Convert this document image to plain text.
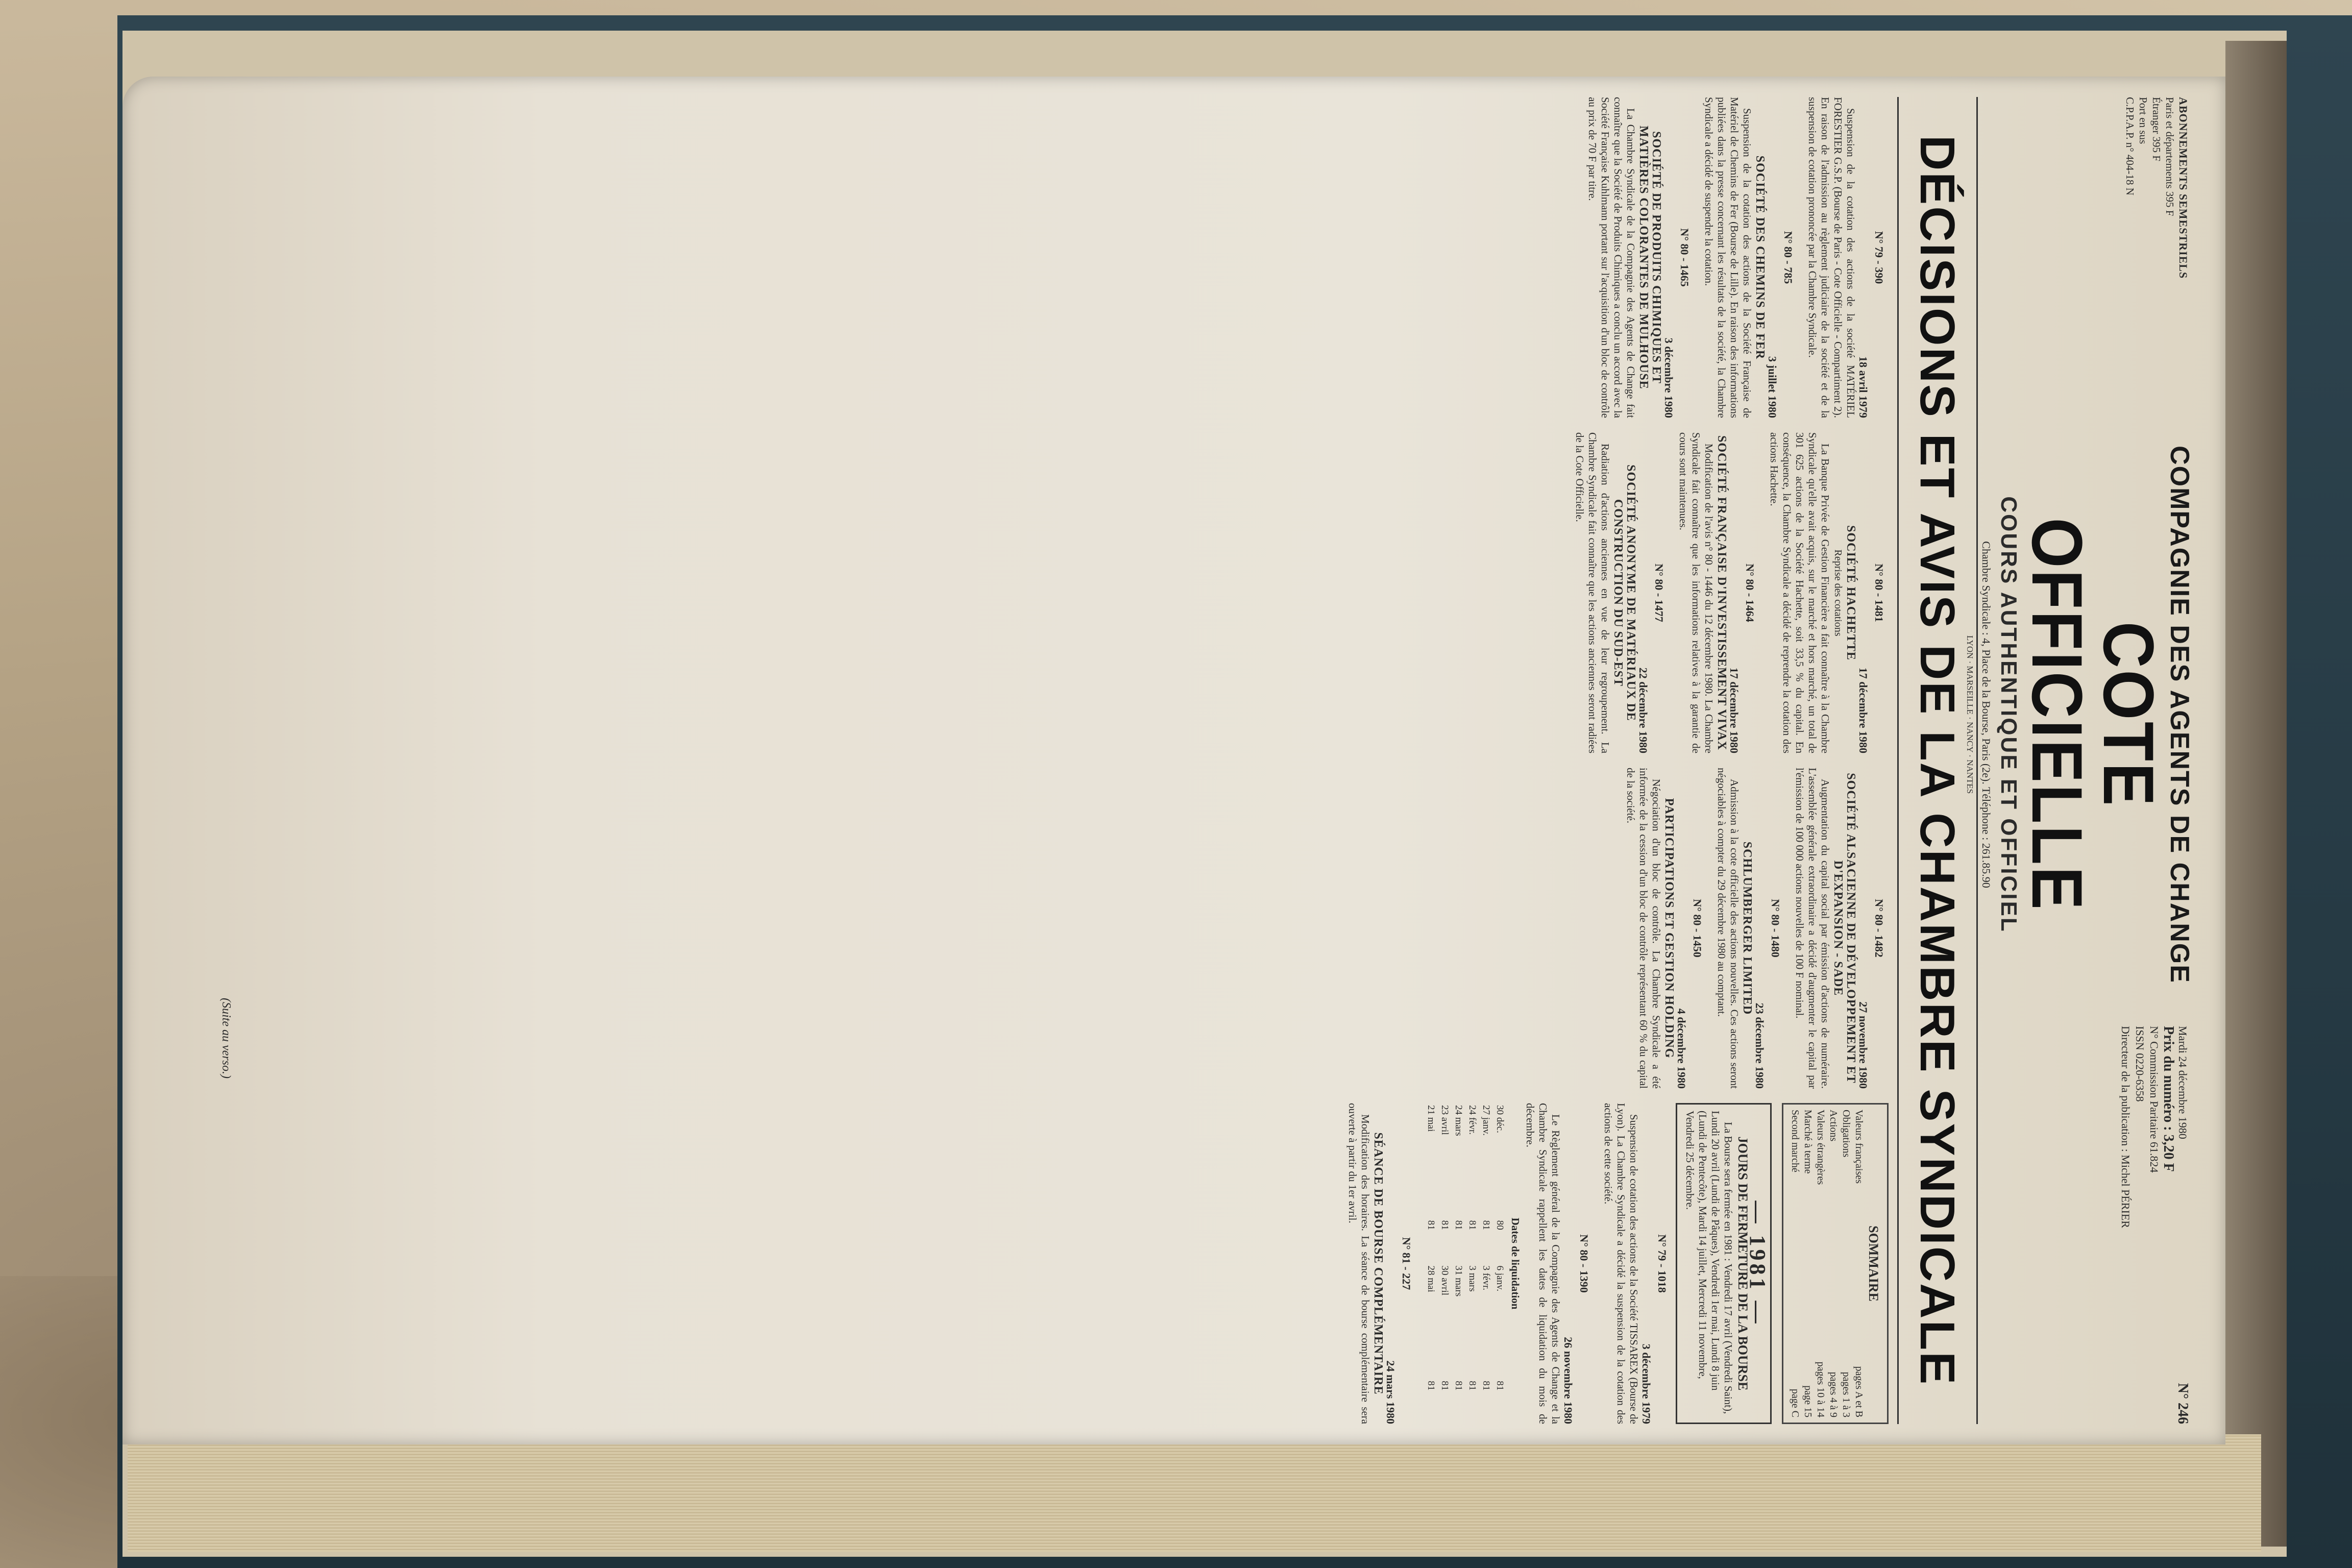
ABONNEMENTS SEMESTRIELS
Paris et départements 395 F
Étranger 395 F
Port en sus
C.P.P.A.P. n° 404-18 N
COMPAGNIE DES AGENTS DE CHANGE
COTE OFFICIELLE
COURS AUTHENTIQUE ET OFFICIEL
Chambre Syndicale : 4, Place de la Bourse, Paris (2e). Téléphone : 261.85.90
LYON · MARSEILLE · NANCY · NANTES
Mardi 24 décembre 1980
N° 246
Prix du numéro : 3,20 F
N° Commission Paritaire 61.824
ISSN 0220-6358
Directeur de la publication : Michel PÉRIER
DÉCISIONS ET AVIS DE LA CHAMBRE SYNDICALE
N° 79 - 390
18 avril 1979
Suspension de la cotation des actions de la société MATÉRIEL FORESTIER G.S.P. (Bourse de Paris - Cote Officielle - Compartiment 2). En raison de l'admission au règlement judiciaire de la société et de la suspension de cotation prononcée par la Chambre Syndicale.
N° 80 - 785
3 juillet 1980
SOCIÉTÉ DES CHEMINS DE FER
Suspension de la cotation des actions de la Société Française de Matériel de Chemins de Fer (Bourse de Lille). En raison des informations publiées dans la presse concernant les résultats de la société, la Chambre Syndicale a décidé de suspendre la cotation.
N° 80 - 1465
3 décembre 1980
SOCIÉTÉ DE PRODUITS CHIMIQUES ET MATIÈRES COLORANTES DE MULHOUSE
La Chambre Syndicale de la Compagnie des Agents de Change fait connaître que la Société de Produits Chimiques a conclu un accord avec la Société Française Kuhlmann portant sur l'acquisition d'un bloc de contrôle au prix de 70 F par titre.
N° 80 - 1481
17 décembre 1980
SOCIÉTÉ HACHETTE
Reprise des cotations
La Banque Privée de Gestion Financière a fait connaître à la Chambre Syndicale qu'elle avait acquis, sur le marché et hors marché, un total de 301 625 actions de la Société Hachette, soit 33,5 % du capital. En conséquence, la Chambre Syndicale a décidé de reprendre la cotation des actions Hachette.
N° 80 - 1464
17 décembre 1980
SOCIÉTÉ FRANÇAISE D'INVESTISSEMENT VIVAX
Modification de l'avis n° 80 - 1446 du 12 décembre 1980. La Chambre Syndicale fait connaître que les informations relatives à la garantie de cours sont maintenues.
N° 80 - 1477
22 décembre 1980
SOCIÉTÉ ANONYME DE MATÉRIAUX DE CONSTRUCTION DU SUD-EST
Radiation d'actions anciennes en vue de leur regroupement. La Chambre Syndicale fait connaître que les actions anciennes seront radiées de la Cote Officielle.
N° 80 - 1482
27 novembre 1980
SOCIÉTÉ ALSACIENNE DE DÉVELOPPEMENT ET D'EXPANSION - SADE
Augmentation du capital social par émission d'actions de numéraire. L'assemblée générale extraordinaire a décidé d'augmenter le capital par l'émission de 100 000 actions nouvelles de 100 F nominal.
N° 80 - 1480
23 décembre 1980
SCHLUMBERGER LIMITED
Admission à la cote officielle des actions nouvelles. Ces actions seront négociables à compter du 29 décembre 1980 au comptant.
N° 80 - 1450
4 décembre 1980
PARTICIPATIONS ET GESTION HOLDING
Négociation d'un bloc de contrôle. La Chambre Syndicale a été informée de la cession d'un bloc de contrôle représentant 60 % du capital de la société.
(Suite au verso.)
SOMMAIRE
Valeurs françaises
pages A et B
Obligations
pages 1 à 3
Actions
pages 4 à 9
Valeurs étrangères
pages 10 à 14
Marché à terme
page 15
Second marché
page C
— 1981 —
JOURS DE FERMETURE DE LA BOURSE
La Bourse sera fermée en 1981 : Vendredi 17 avril (Vendredi Saint), Lundi 20 avril (Lundi de Pâques), Vendredi 1er mai, Lundi 8 juin (Lundi de Pentecôte), Mardi 14 juillet, Mercredi 11 novembre, Vendredi 25 décembre.
N° 79 - 1018
3 décembre 1979
Suspension de cotation des actions de la Société TISSAREX (Bourse de Lyon). La Chambre Syndicale a décidé la suspension de la cotation des actions de cette société.
N° 80 - 1390
26 novembre 1980
Le Règlement général de la Compagnie des Agents de Change et la Chambre Syndicale rappellent les dates de liquidation du mois de décembre.
Dates de liquidation
30 déc.	80	6 janv.	81
27 janv.	81	3 févr.	81
24 févr.	81	3 mars	81
24 mars	81	31 mars	81
23 avril	81	30 avril	81
21 mai	81	28 mai	81
N° 81 - 227
24 mars 1980
SÉANCE DE BOURSE COMPLÉMENTAIRE
Modification des horaires. La séance de bourse complémentaire sera ouverte à partir du 1er avril.
